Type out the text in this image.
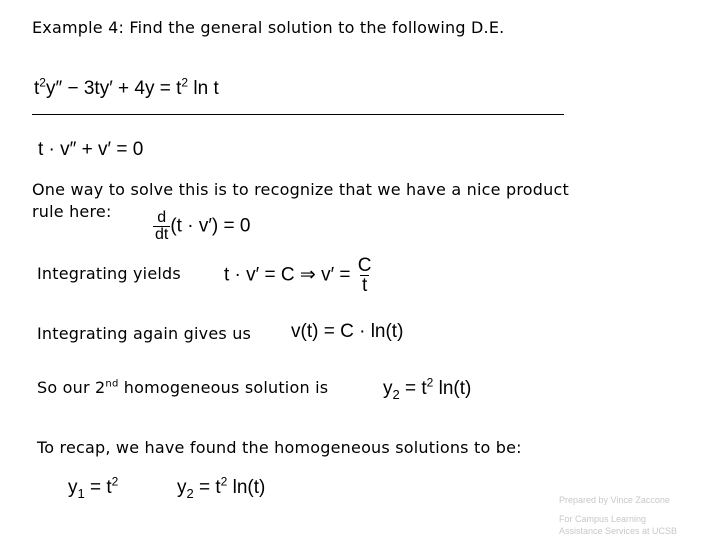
Example 4: Find the general solution to the following D.E.
$t^2y'' - 3ty' + 4y = t^2$ ln t
t · v″ + v′ = 0
One way to solve this is to recognize that we have a nice product
rule here:	$\frac{d}{dt} (t \cdot v') = 0$
Integrating yields t · v′ = C ⇒ $v' = \frac{C}{t}$
Integrating again gives us v(t) = C · ln(t)
So our 2nd homogeneous solution is	$y_2 = t^2$ ln(t)
To recap, we have found the homogeneous solutions to be:
$y_1 = t^2$	$y_2 = t^2$ ln(t)
Prepared by Vince Zaccone
For Campus Learning
Assistance Services at UCSB
